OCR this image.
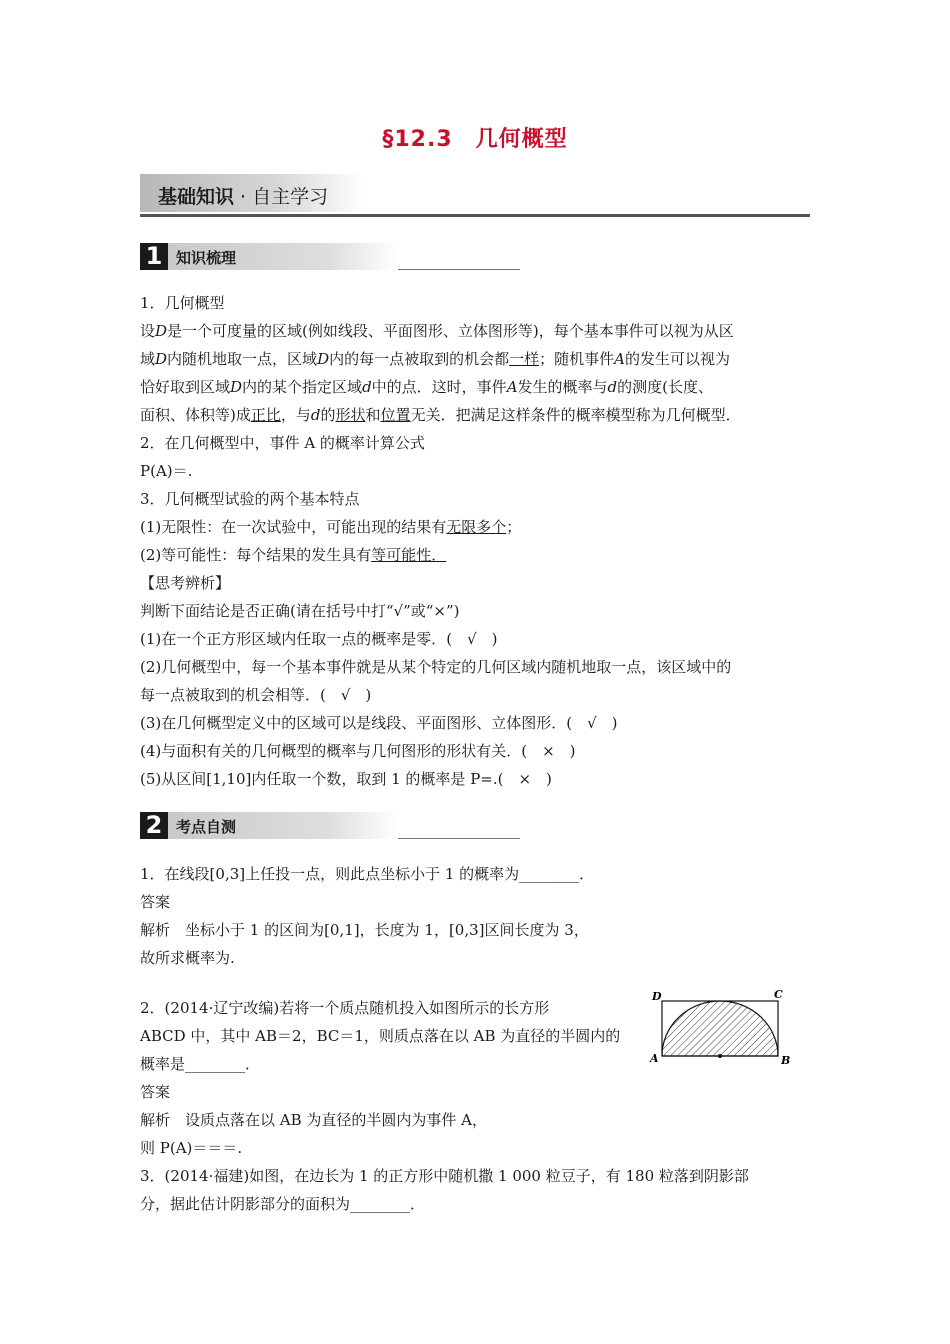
§12.3　几何概型
基础知识 · 自主学习
1 知识梳理
1．几何概型
设D是一个可度量的区域(例如线段、平面图形、立体图形等)，每个基本事件可以视为从区
域D内随机地取一点，区域D内的每一点被取到的机会都一样；随机事件A的发生可以视为
恰好取到区域D内的某个指定区域d中的点．这时，事件A发生的概率与d的测度(长度、
面积、体积等)成正比，与d的形状和位置无关．把满足这样条件的概率模型称为几何概型．
2．在几何概型中，事件 A 的概率计算公式
P(A)＝.
3．几何概型试验的两个基本特点
(1)无限性：在一次试验中，可能出现的结果有无限多个；
(2)等可能性：每个结果的发生具有等可能性．
【思考辨析】
判断下面结论是否正确(请在括号中打“√”或“×”)
(1)在一个正方形区域内任取一点的概率是零．(　√　)
(2)几何概型中，每一个基本事件就是从某个特定的几何区域内随机地取一点，该区域中的
每一点被取到的机会相等．(　√　)
(3)在几何概型定义中的区域可以是线段、平面图形、立体图形．(　√　)
(4)与面积有关的几何概型的概率与几何图形的形状有关．(　×　)
(5)从区间[1,10]内任取一个数，取到 1 的概率是 P=.(　×　)
2 考点自测
1．在线段[0,3]上任投一点，则此点坐标小于 1 的概率为________．
答案
解析　坐标小于 1 的区间为[0,1]，长度为 1，[0,3]区间长度为 3，
故所求概率为.
2．(2014·辽宁改编)若将一个质点随机投入如图所示的长方形
ABCD 中，其中 AB＝2，BC＝1，则质点落在以 AB 为直径的半圆内的
概率是________．
答案
解析　设质点落在以 AB 为直径的半圆内为事件 A，
则 P(A)＝＝＝.
3．(2014·福建)如图，在边长为 1 的正方形中随机撒 1 000 粒豆子，有 180 粒落到阴影部
分，据此估计阴影部分的面积为________．
A	B
C
D
